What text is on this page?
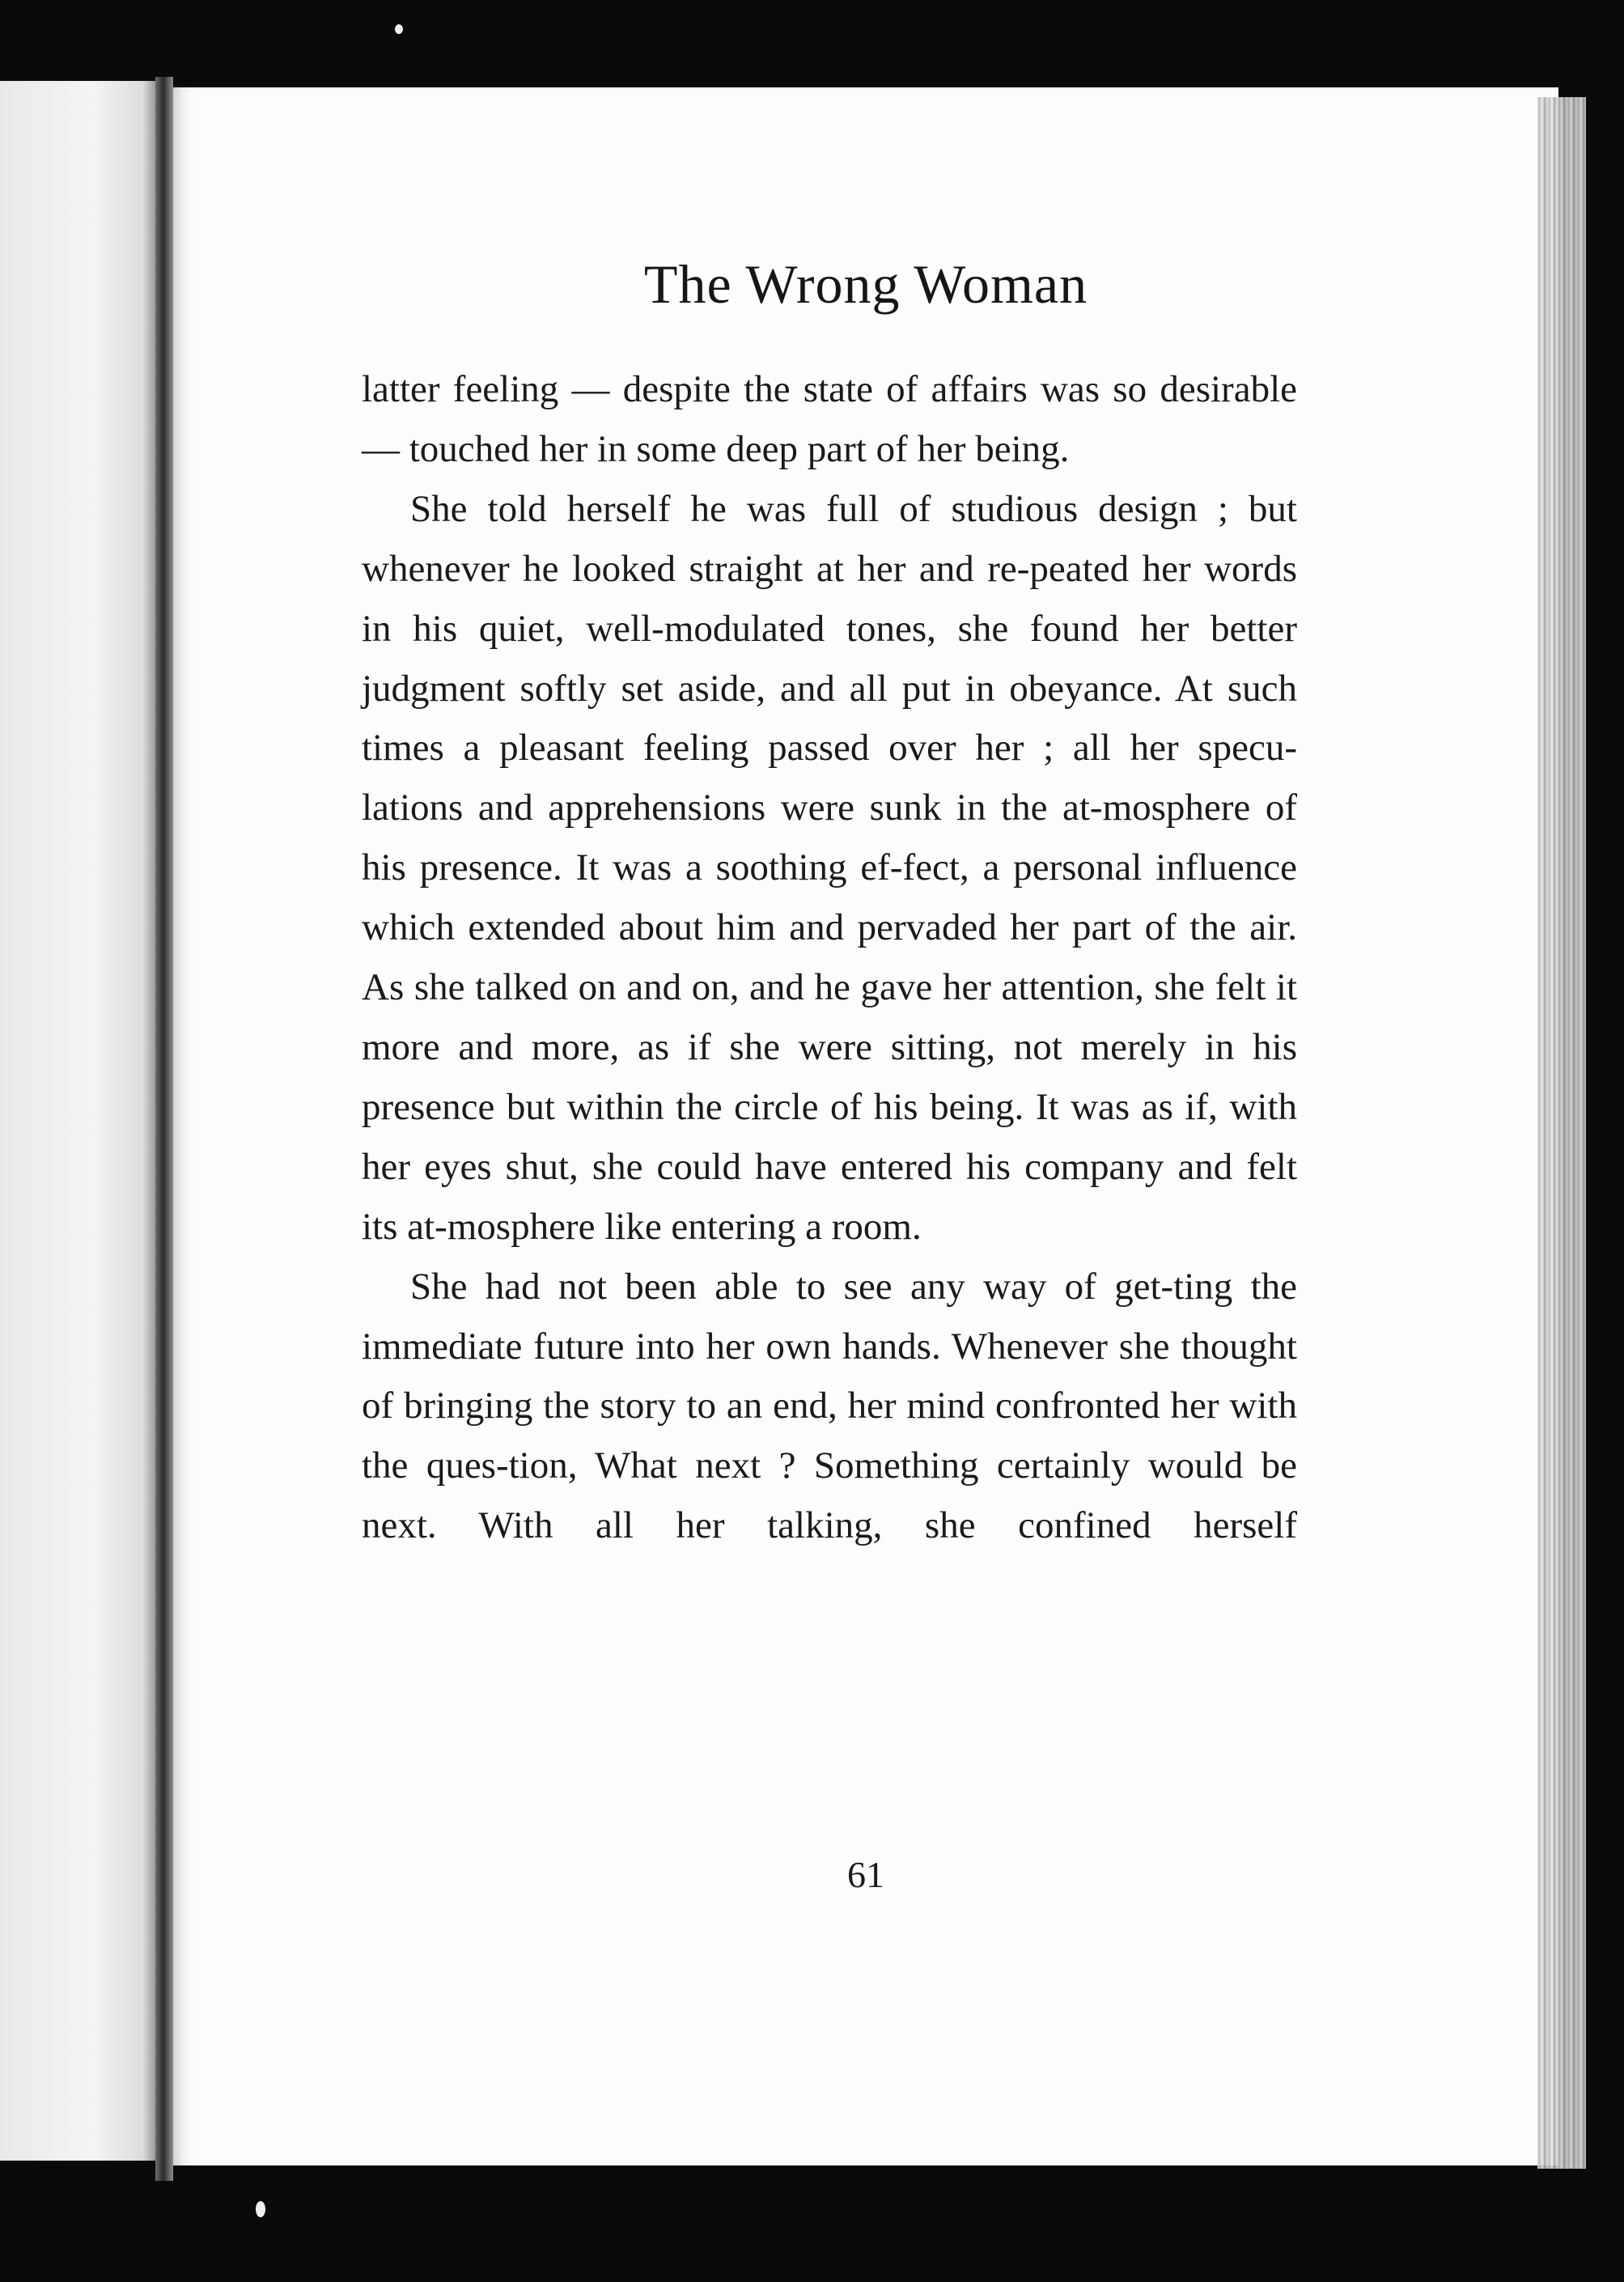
The Wrong Woman

latter feeling — despite the state of affairs was so desirable — touched her in some deep part of her being.

She told herself he was full of studious design ; but whenever he looked straight at her and re-peated her words in his quiet, well-modulated tones, she found her better judgment softly set aside, and all put in obeyance. At such times a pleasant feeling passed over her ; all her specu-lations and apprehensions were sunk in the at-mosphere of his presence. It was a soothing ef-fect, a personal influence which extended about him and pervaded her part of the air. As she talked on and on, and he gave her attention, she felt it more and more, as if she were sitting, not merely in his presence but within the circle of his being. It was as if, with her eyes shut, she could have entered his company and felt its at-mosphere like entering a room.

She had not been able to see any way of get-ting the immediate future into her own hands. Whenever she thought of bringing the story to an end, her mind confronted her with the ques-tion, What next ? Something certainly would be next. With all her talking, she confined herself

61
